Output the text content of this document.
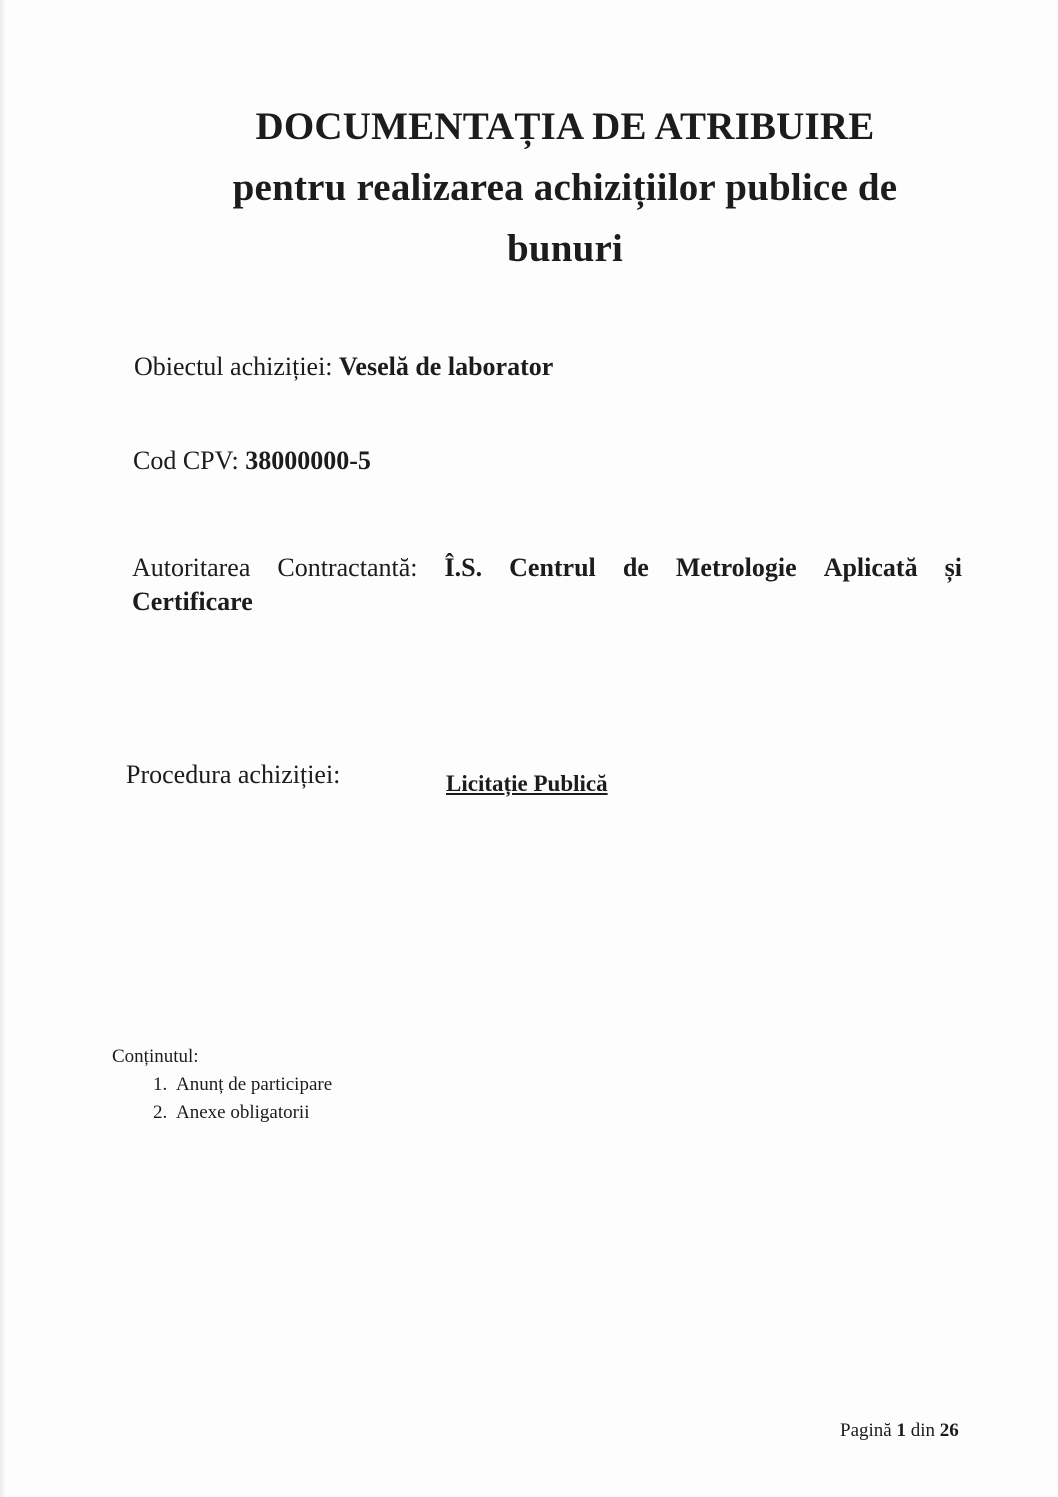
DOCUMENTAȚIA DE ATRIBUIRE
pentru realizarea achizițiilor publice de
bunuri
Obiectul achiziției: Veselă de laborator
Cod CPV: 38000000-5
Autoritarea Contractantă: Î.S. Centrul de Metrologie Aplicată și
Certificare
Procedura achiziției:	Licitație Publică
Conținutul:
1. Anunț de participare
2. Anexe obligatorii
Pagină 1 din 26
